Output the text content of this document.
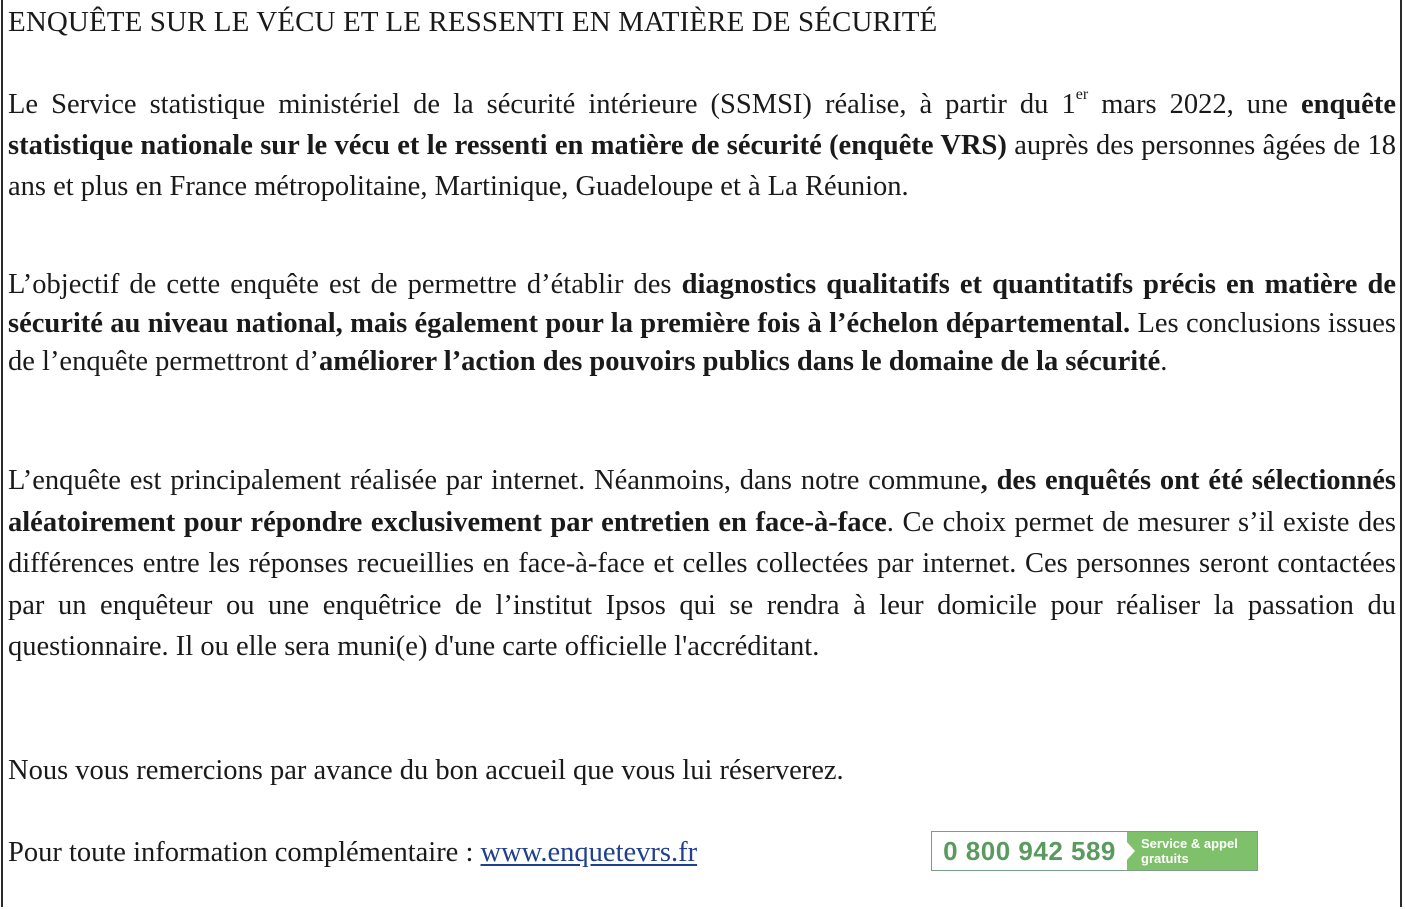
ENQUÊTE SUR LE VÉCU ET LE RESSENTI EN MATIÈRE DE SÉCURITÉ

Le Service statistique ministériel de la sécurité intérieure (SSMSI) réalise, à partir du 1er mars 2022, une enquête statistique nationale sur le vécu et le ressenti en matière de sécurité (enquête VRS) auprès des personnes âgées de 18 ans et plus en France métropolitaine, Martinique, Guadeloupe et à La Réunion.

L’objectif de cette enquête est de permettre d’établir des diagnostics qualitatifs et quantitatifs précis en matière de sécurité au niveau national, mais également pour la première fois à l’échelon départemental. Les conclusions issues de l’enquête permettront d’améliorer l’action des pouvoirs publics dans le domaine de la sécurité.

L’enquête est principalement réalisée par internet. Néanmoins, dans notre commune, des enquêtés ont été sélectionnés aléatoirement pour répondre exclusivement par entretien en face-à-face. Ce choix permet de mesurer s’il existe des différences entre les réponses recueillies en face-à-face et celles collectées par internet. Ces personnes seront contactées par un enquêteur ou une enquêtrice de l’institut Ipsos qui se rendra à leur domicile pour réaliser la passation du questionnaire. Il ou elle sera muni(e) d'une carte officielle l'accréditant.

Nous vous remercions par avance du bon accueil que vous lui réserverez.

Pour toute information complémentaire : www.enquetevrs.fr	0 800 942 589	Service & appel
gratuits
